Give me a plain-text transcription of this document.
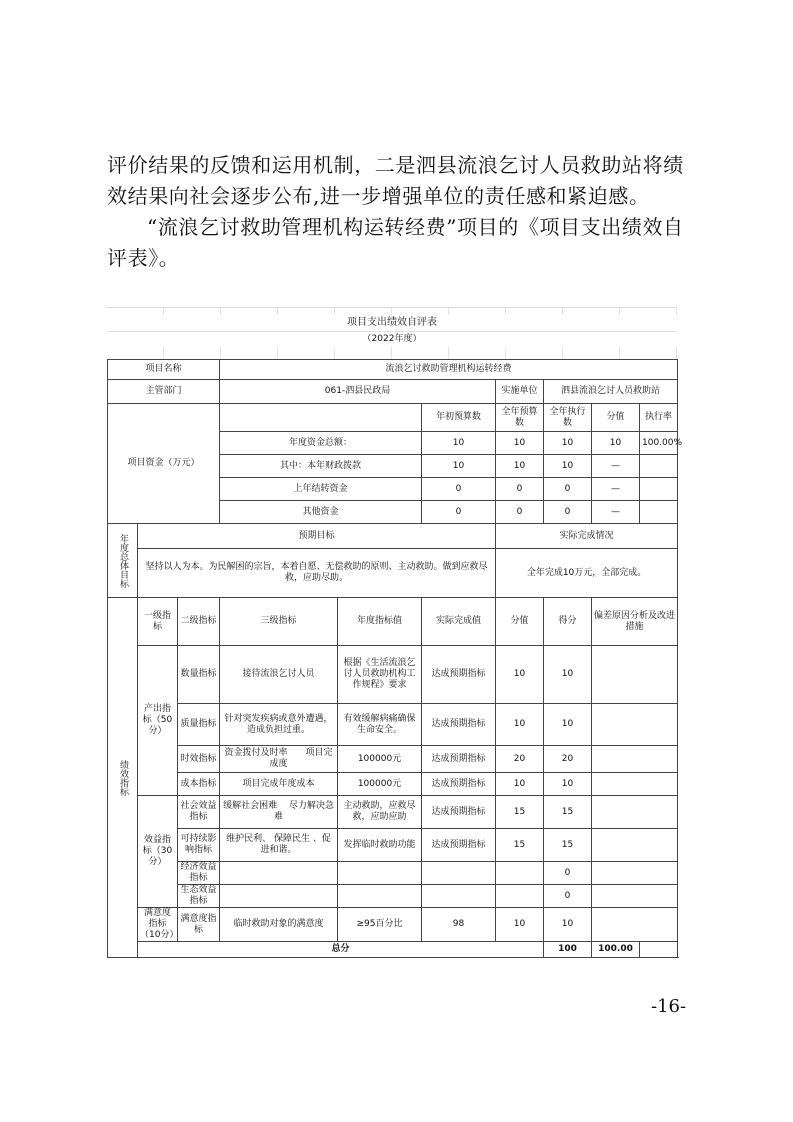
评价结果的反馈和运用机制，二是泗县流浪乞讨人员救助站将绩效结果向社会逐步公布,进一步增强单位的责任感和紧迫感。

“流浪乞讨救助管理机构运转经费”项目的《项目支出绩效自评表》。

项目支出绩效自评表
（2022年度）
项目名称			流浪乞讨救助管理机构运转经费							
主管部门			061-泗县民政局			实施单位	泗县流浪乞讨人员救助站			
项目资金（万元）					年初预算数	全年预算数	全年执行数	分值	执行率	
			年度资金总额：		10	10	10	10	100.00%	
			其中：本年财政拨款		10	10	10	—		
			上年结转资金		0	0	0	—		
			其他资金		0	0	0	—		
年度总体目标	预期目标					实际完成情况				
	坚持以人为本。为民解困的宗旨，本着自愿、无偿救助的原则、主动救助。做到应救尽救，应助尽助。					全年完成10万元，全部完成。				
绩效指标	一级指标	二级指标	三级指标	年度指标值	实际完成值	分值	得分	偏差原因分析及改进措施		
	产出指标（50分）	数量指标	接待流浪乞讨人员	根据《生活流浪乞讨人员救助机构工作规程》要求	达成预期指标	10	10			
		质量指标	针对突发疾病或意外遭遇，造成负担过重。	有效缓解病痛确保生命安全。	达成预期指标	10	10			
		时效指标	资金拨付及时率　　项目完成度	100000元	达成预期指标	20	20			
		成本指标	项目完成年度成本	100000元	达成预期指标	10	10			
	效益指标（30分）	社会效益指标	缓解社会困难　 尽力解决急难	主动救助，应救尽救，应助应助	达成预期指标	15	15			
		可持续影响指标	维护民利、 保障民生 、促进和谐。	发挥临时救助功能	达成预期指标	15	15			
		经济效益指标					0			
		生态效益指标					0			
	满意度指标（10分）	满意度指标	临时救助对象的满意度	≥95百分比	98	10	10			
	总分						100	100.00		
-16-
